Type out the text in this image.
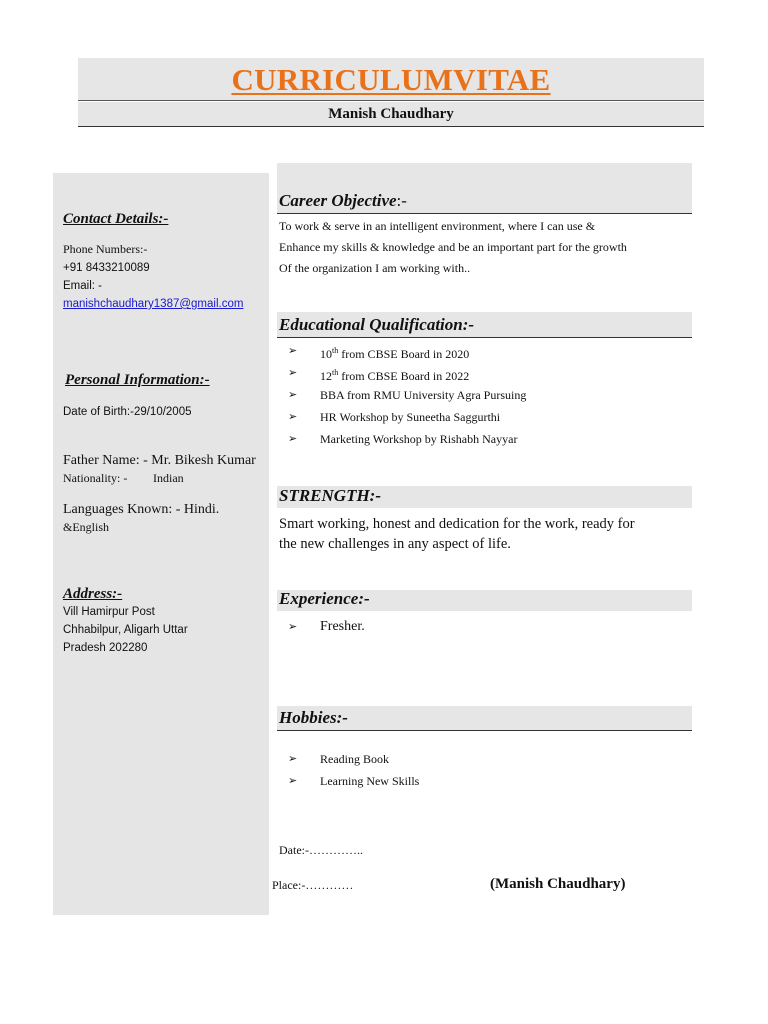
CURRICULUMVITAE
Manish Chaudhary
Contact Details:-
Phone Numbers:-
+91 8433210089
Email: -
manishchaudhary1387@gmail.com
Personal Information:-
Date of Birth:-29/10/2005
Father Name: - Mr. Bikesh Kumar
Nationality: - Indian
Languages Known: - Hindi.
&English
Address:-
Vill Hamirpur Post
Chhabilpur, Aligarh Uttar
Pradesh 202280
Career Objective:-
To work & serve in an intelligent environment, where I can use &
Enhance my skills & knowledge and be an important part for the growth
Of the organization I am working with..
Educational Qualification:-
➢ 10th from CBSE Board in 2020
➢ 12th from CBSE Board in 2022
➢ BBA from RMU University Agra Pursuing
➢ HR Workshop by Suneetha Saggurthi
➢ Marketing Workshop by Rishabh Nayyar
STRENGTH:-
Smart working, honest and dedication for the work, ready for
the new challenges in any aspect of life.
Experience:-
➢ Fresher.
Hobbies:-
➢ Reading Book
➢ Learning New Skills
Date:-…………..
Place:-…………	(Manish Chaudhary)
